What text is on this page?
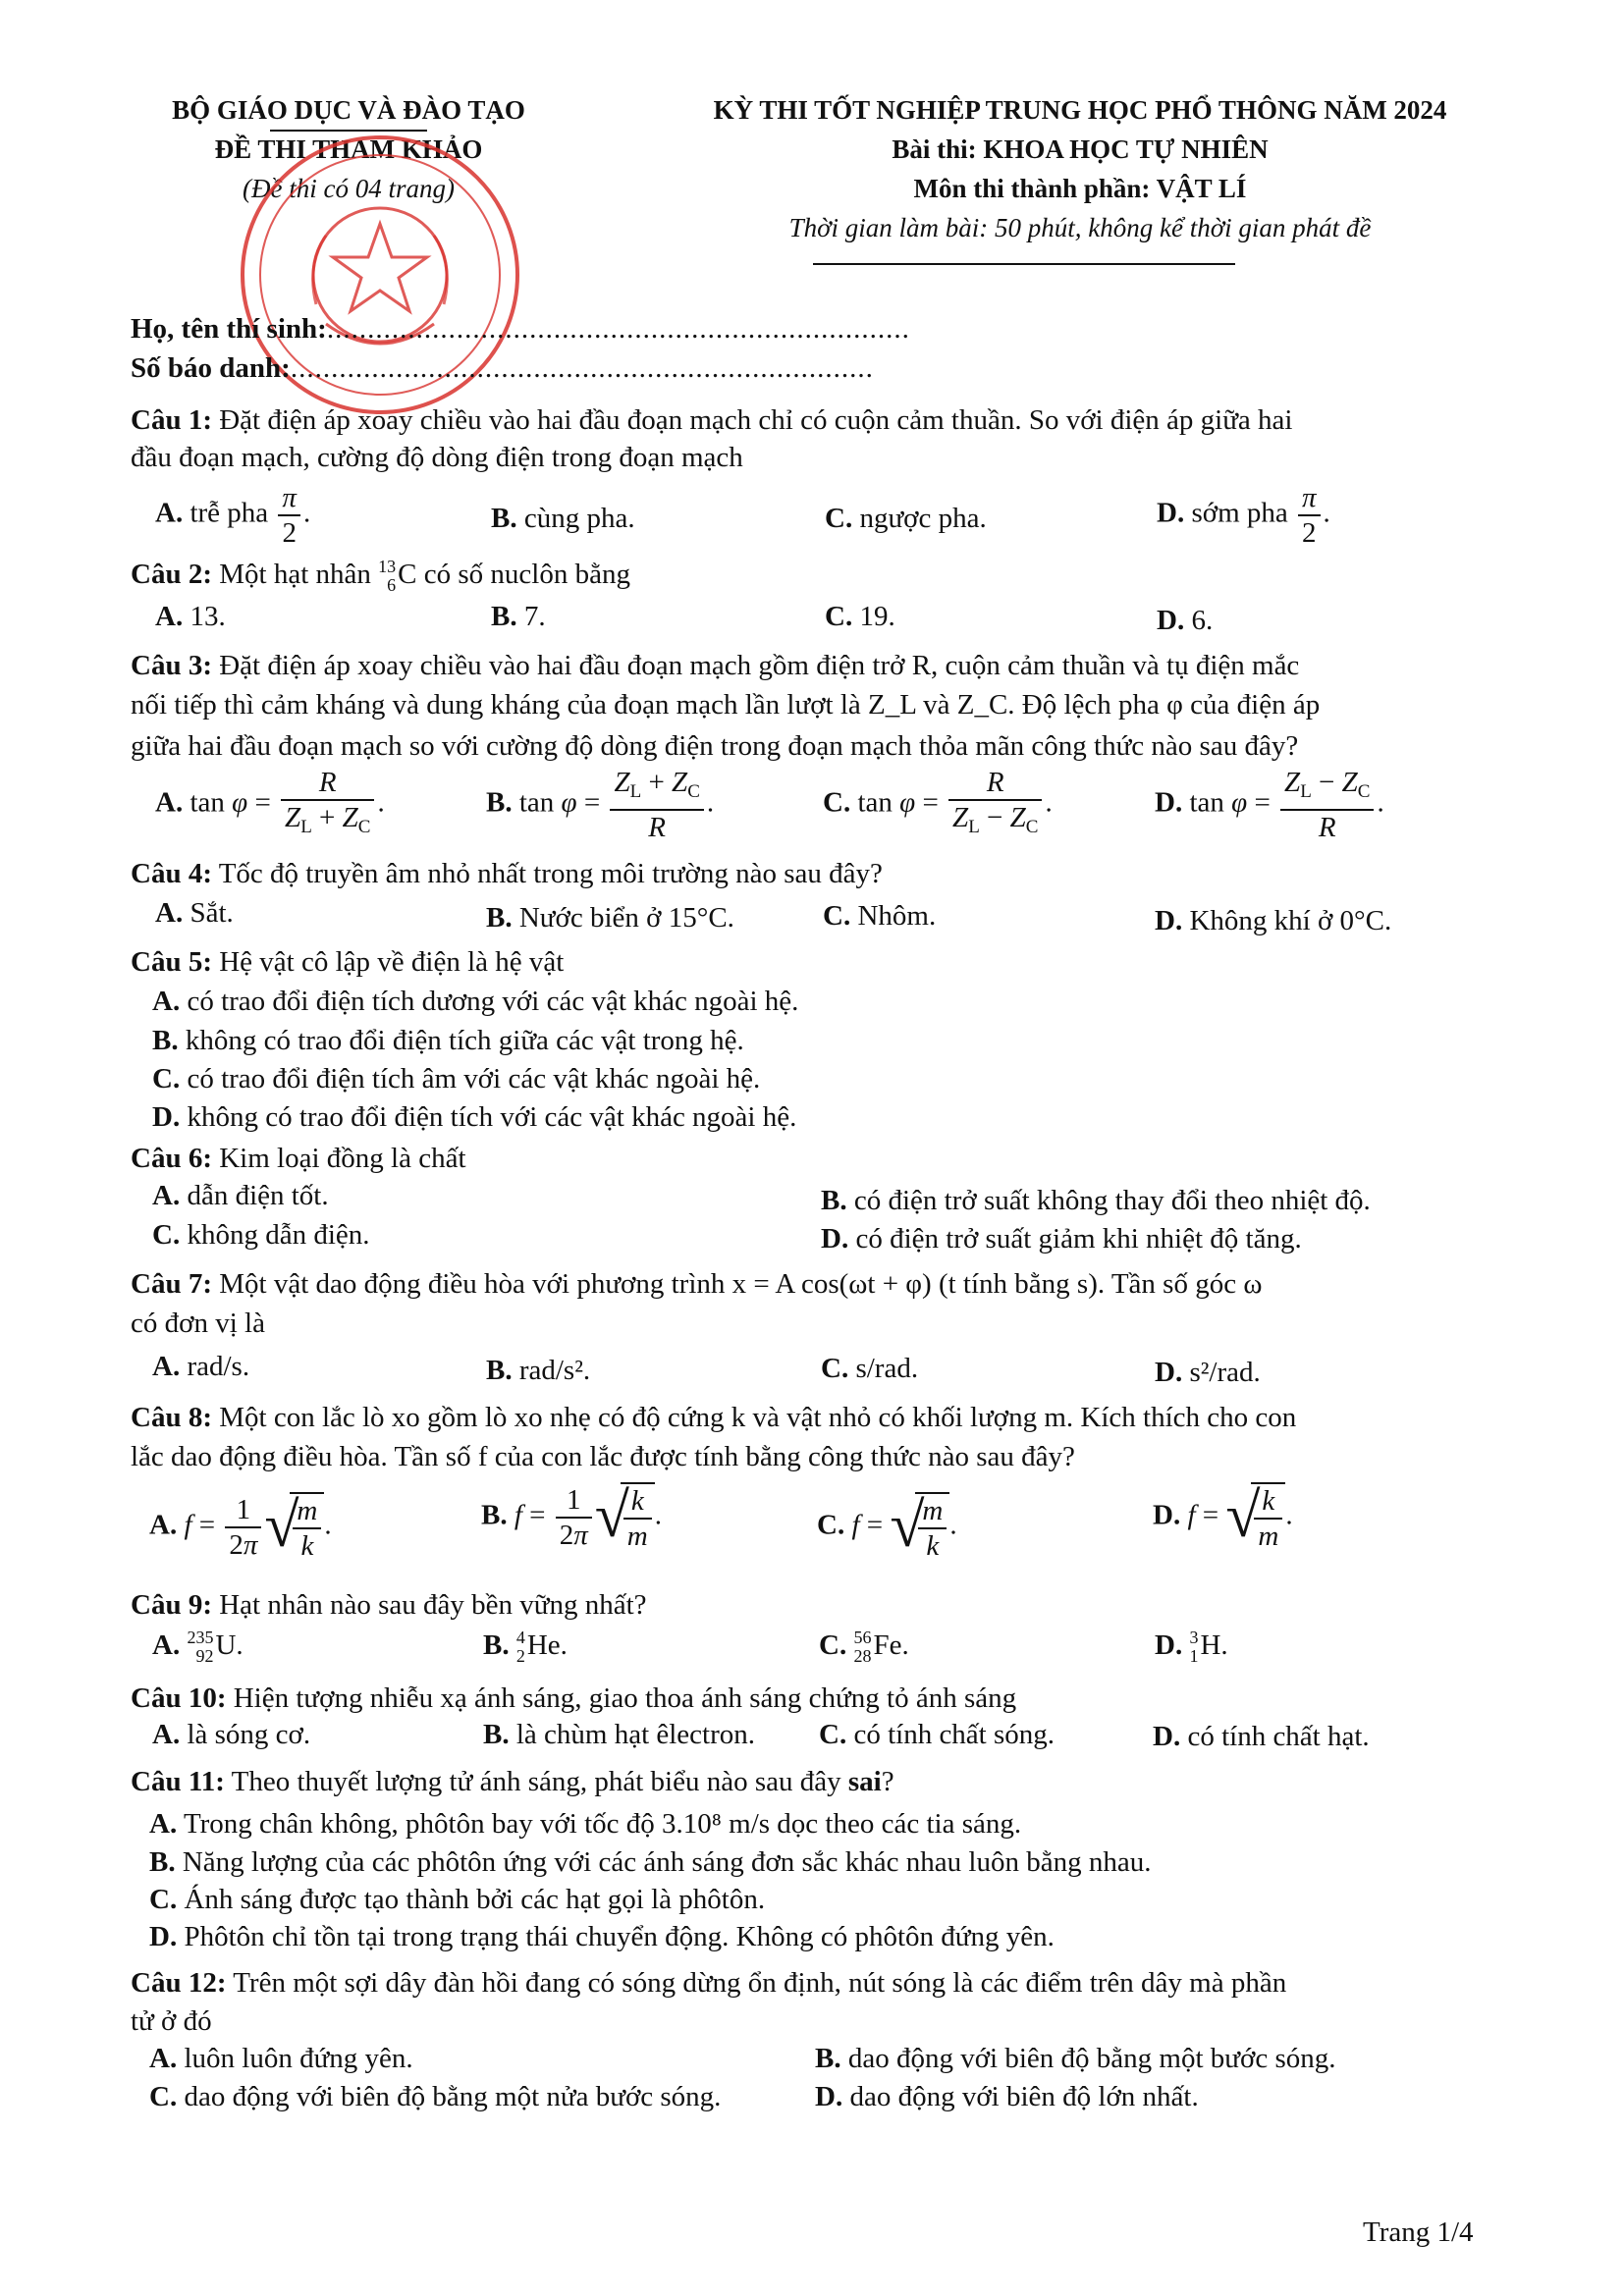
BỘ GIÁO DỤC VÀ ĐÀO TẠO
ĐỀ THI THAM KHẢO
(Đề thi có 04 trang)
KỲ THI TỐT NGHIỆP TRUNG HỌC PHỔ THÔNG NĂM 2024
Bài thi: KHOA HỌC TỰ NHIÊN
Môn thi thành phần: VẬT LÍ
Thời gian làm bài: 50 phút, không kể thời gian phát đề
Họ, tên thí sinh:........................................................................
Số báo danh:........................................................................
Câu 1: Đặt điện áp xoay chiều vào hai đầu đoạn mạch chỉ có cuộn cảm thuần. So với điện áp giữa hai
đầu đoạn mạch, cường độ dòng điện trong đoạn mạch
A. trễ pha $\frac{\pi}{2}$ .	B. cùng pha.	C. ngược pha.	D. sớm pha $\frac{\pi}{2}$ .
Câu 2: Một hạt nhân 13
6 C có số nuclôn bằng
A. 13.	B. 7.	C. 19.	D. 6.
Câu 3: Đặt điện áp xoay chiều vào hai đầu đoạn mạch gồm điện trở R, cuộn cảm thuần và tụ điện mắc
nối tiếp thì cảm kháng và dung kháng của đoạn mạch lần lượt là Z_L và Z_C. Độ lệch pha φ của điện áp
giữa hai đầu đoạn mạch so với cường độ dòng điện trong đoạn mạch thỏa mãn công thức nào sau đây?
A. $\tan \varphi = \frac{R}{Z_L + Z_C}$ .	B. $\tan \varphi = \frac{Z_L + Z_C}{R}$ .	C. $\tan \varphi = \frac{R}{Z_L - Z_C}$ .	D. $\tan \varphi = \frac{Z_L - Z_C}{R}$ .
Câu 4: Tốc độ truyền âm nhỏ nhất trong môi trường nào sau đây?
A. Sắt.	B. Nước biển ở 15°C.	C. Nhôm.	D. Không khí ở 0°C.
Câu 5: Hệ vật cô lập về điện là hệ vật
A. có trao đổi điện tích dương với các vật khác ngoài hệ.
B. không có trao đổi điện tích giữa các vật trong hệ.
C. có trao đổi điện tích âm với các vật khác ngoài hệ.
D. không có trao đổi điện tích với các vật khác ngoài hệ.
Câu 6: Kim loại đồng là chất
A. dẫn điện tốt.	B. có điện trở suất không thay đổi theo nhiệt độ.
C. không dẫn điện.	D. có điện trở suất giảm khi nhiệt độ tăng.
Câu 7: Một vật dao động điều hòa với phương trình x = A cos(ωt + φ) (t tính bằng s). Tần số góc ω
có đơn vị là
A. rad/s.	B. rad/s².	C. s/rad.	D. s²/rad.
Câu 8: Một con lắc lò xo gồm lò xo nhẹ có độ cứng k và vật nhỏ có khối lượng m. Kích thích cho con
lắc dao động điều hòa. Tần số f của con lắc được tính bằng công thức nào sau đây?
A. $f = \frac{1}{2\pi}$ √
$\frac{m}{k}$ .	B. $f = \frac{1}{2\pi}$ √
$\frac{k}{m}$ .	C. f = √
$\frac{m}{k}$ .	D. f = √
$\frac{k}{m}$ .
Câu 9: Hạt nhân nào sau đây bền vững nhất?
A. 235
92 U.	B. 4
2 He.	C. 56
28 Fe.	D. 3
1 H.
Câu 10: Hiện tượng nhiễu xạ ánh sáng, giao thoa ánh sáng chứng tỏ ánh sáng
A. là sóng cơ.	B. là chùm hạt êlectron. C. có tính chất sóng.	D. có tính chất hạt.
Câu 11: Theo thuyết lượng tử ánh sáng, phát biểu nào sau đây sai?
A. Trong chân không, phôtôn bay với tốc độ 3.10⁸ m/s dọc theo các tia sáng.
B. Năng lượng của các phôtôn ứng với các ánh sáng đơn sắc khác nhau luôn bằng nhau.
C. Ánh sáng được tạo thành bởi các hạt gọi là phôtôn.
D. Phôtôn chỉ tồn tại trong trạng thái chuyển động. Không có phôtôn đứng yên.
Câu 12: Trên một sợi dây đàn hồi đang có sóng dừng ổn định, nút sóng là các điểm trên dây mà phần
tử ở đó
A. luôn luôn đứng yên.	B. dao động với biên độ bằng một bước sóng.
C. dao động với biên độ bằng một nửa bước sóng.	D. dao động với biên độ lớn nhất.
Trang 1/4
